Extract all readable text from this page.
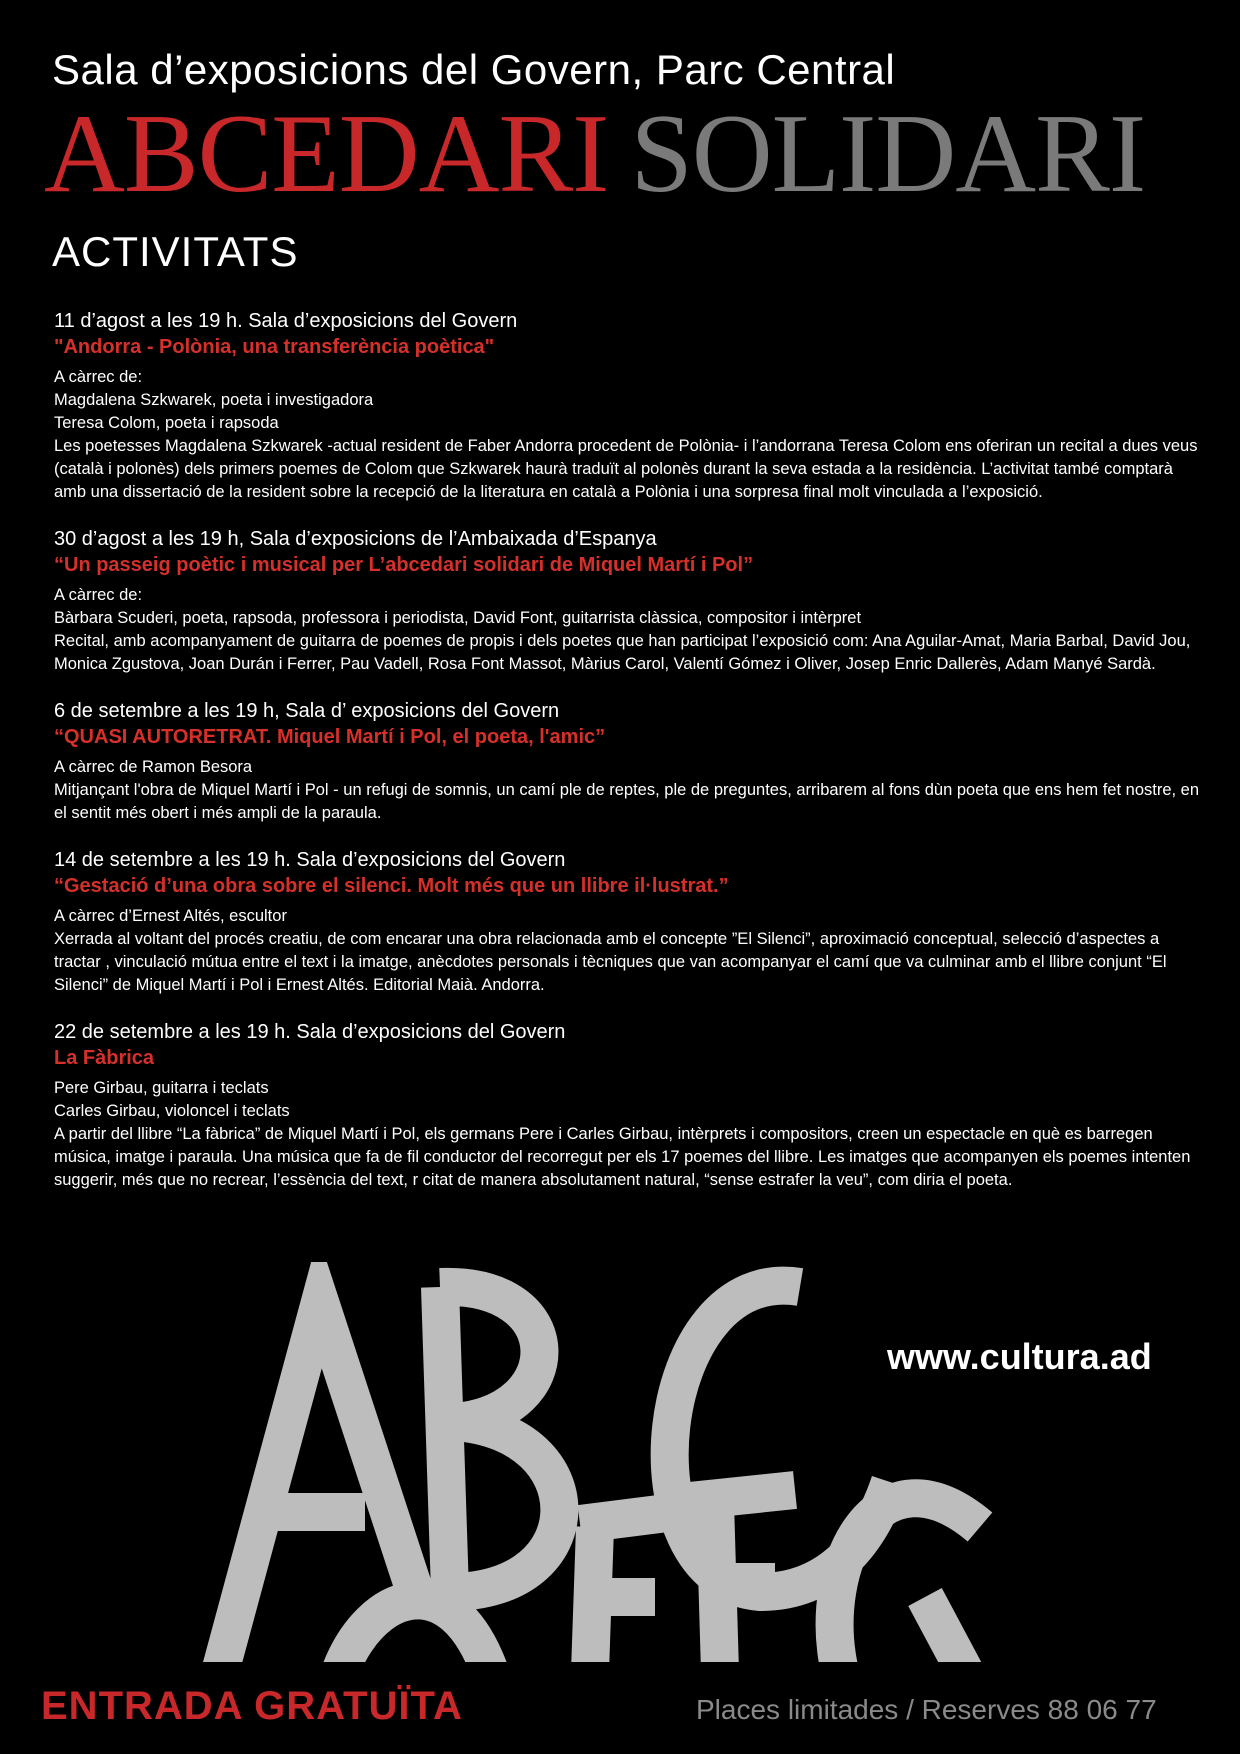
Sala d’exposicions del Govern, Parc Central
ABCEDARI SOLIDARI
ACTIVITATS
11 d’agost a les 19 h. Sala d’exposicions del Govern
"Andorra - Polònia, una transferència poètica"
A càrrec de:
Magdalena Szkwarek, poeta i investigadora
Teresa Colom, poeta i rapsoda
Les poetesses Magdalena Szkwarek -actual resident de Faber Andorra procedent de Polònia- i l’andorrana Teresa Colom ens oferiran un recital a dues veus (català i polonès) dels primers poemes de Colom que Szkwarek haurà traduït al polonès durant la seva estada a la residència. L’activitat també comptarà amb una dissertació de la resident sobre la recepció de la literatura en català a Polònia i una sorpresa final molt vinculada a l’exposició.
30 d’agost a les 19 h, Sala d’exposicions de l’Ambaixada d’Espanya
“Un passeig poètic i musical per L’abcedari solidari de Miquel Martí i Pol”
A càrrec de:
Bàrbara Scuderi, poeta, rapsoda, professora i periodista, David Font, guitarrista clàssica, compositor i intèrpret
Recital, amb acompanyament de guitarra de poemes de propis i dels poetes que han participat l’exposició com: Ana Aguilar-Amat, Maria Barbal, David Jou, Monica Zgustova, Joan Durán i Ferrer, Pau Vadell, Rosa Font Massot, Màrius Carol, Valentí Gómez i Oliver, Josep Enric Dallerès, Adam Manyé Sardà.
6 de setembre a les 19 h, Sala d’ exposicions del Govern
“QUASI AUTORETRAT. Miquel Martí i Pol, el poeta, l'amic”
A càrrec de Ramon Besora
Mitjançant l'obra de Miquel Martí i Pol - un refugi de somnis, un camí ple de reptes, ple de preguntes, arribarem al fons dùn poeta que ens hem fet nostre, en el sentit més obert i més ampli de la paraula.
14 de setembre a les 19 h. Sala d’exposicions del Govern
“Gestació d’una obra sobre el silenci. Molt més que un llibre il·lustrat.”
A càrrec d’Ernest Altés, escultor
Xerrada al voltant del procés creatiu, de com encarar una obra relacionada amb el concepte ”El Silenci”, aproximació conceptual, selecció d’aspectes a tractar , vinculació mútua entre el text i la imatge, anècdotes personals i tècniques que van acompanyar el camí que va culminar amb el llibre conjunt “El Silenci” de Miquel Martí i Pol i Ernest Altés. Editorial Maià. Andorra.
22 de setembre a les 19 h. Sala d’exposicions del Govern
La Fàbrica
Pere Girbau, guitarra i teclats
Carles Girbau, violoncel i teclats
A partir del llibre “La fàbrica” de Miquel Martí i Pol, els germans Pere i Carles Girbau, intèrprets i compositors, creen un espectacle en què es barregen música, imatge i paraula. Una música que fa de fil conductor del recorregut per els 17 poemes del llibre. Les imatges que acompanyen els poemes intenten suggerir, més que no recrear, l’essència del text, r citat de manera absolutament natural, “sense estrafer la veu”, com diria el poeta.
www.cultura.ad
ENTRADA GRATUÏTA	Places limitades / Reserves 88 06 77
